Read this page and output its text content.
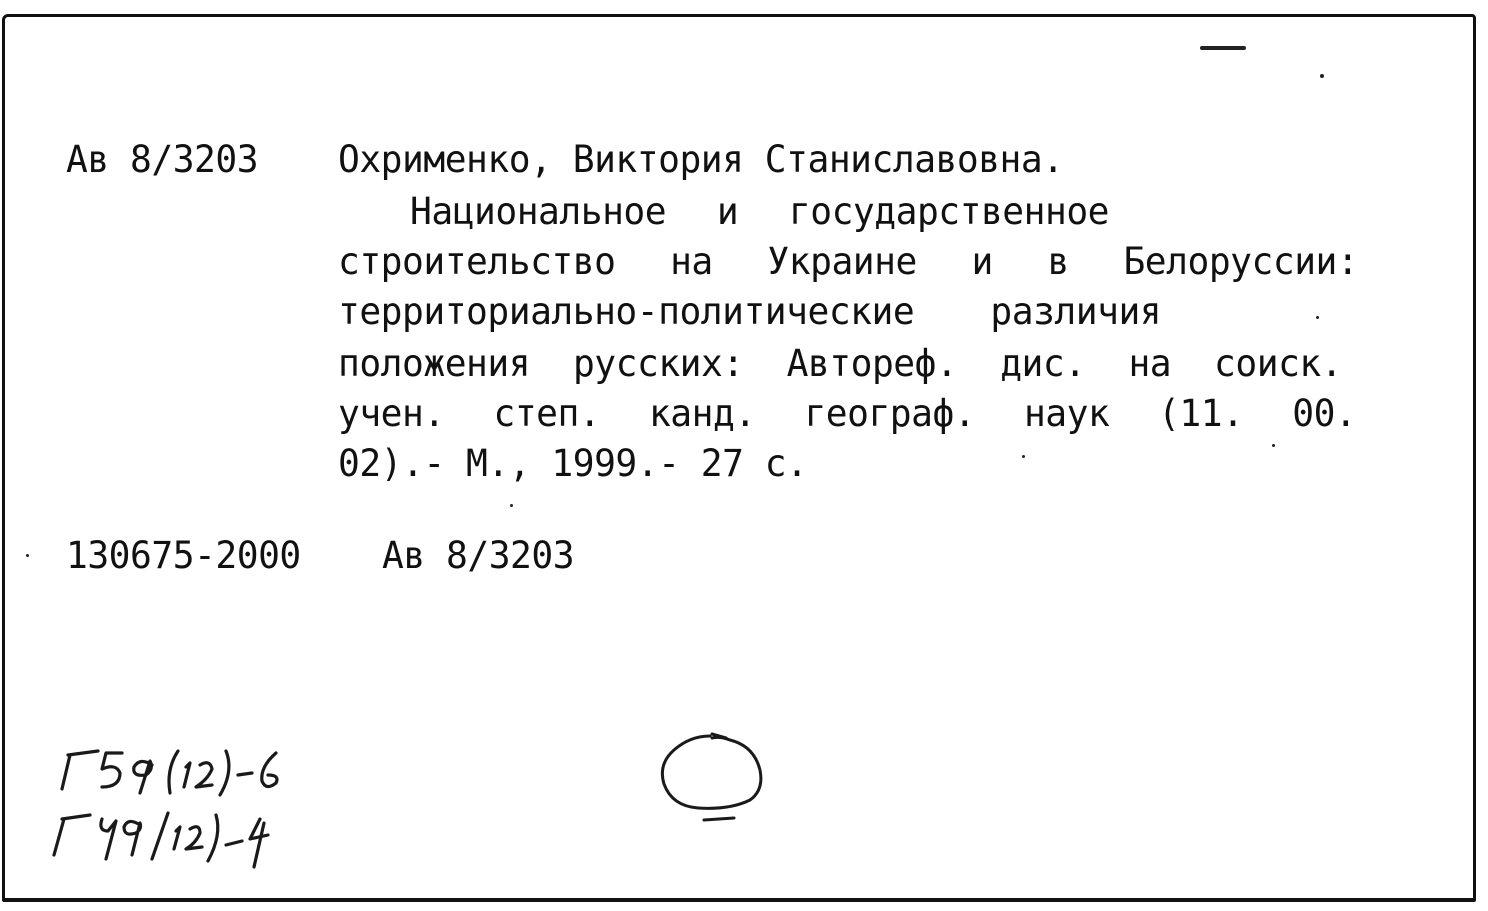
Ав 8/3203 Охрименко, Виктория Станиславовна.
Национальное и государственное
строительство на Украине и в Белоруссии:
территориально-политические различия
положения русских: Автореф. дис. на соиск.
учен. степ. канд. географ. наук (11. 00.
02).- М., 1999.- 27 с.
130675-2000 Ав 8/3203
